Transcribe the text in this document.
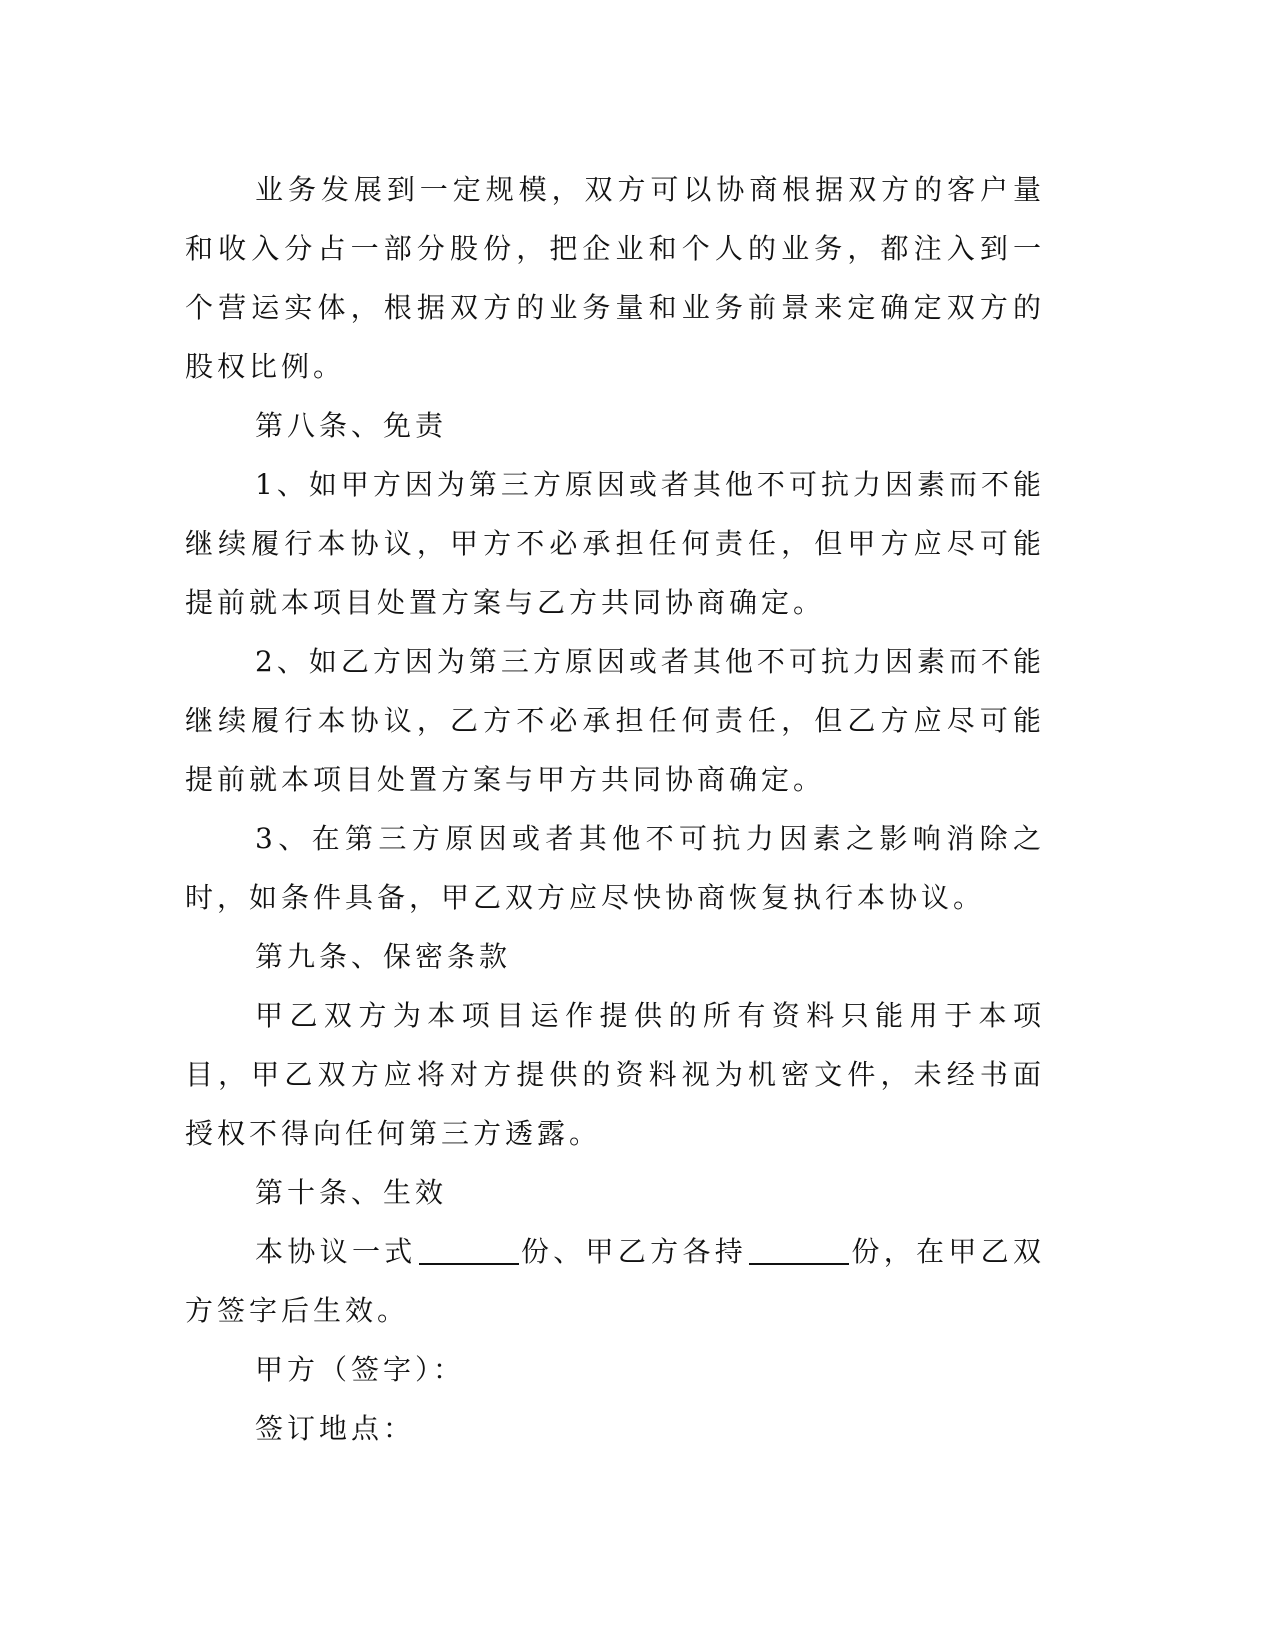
业务发展到一定规模，双方可以协商根据双方的客户量和收入分占一部分股份，把企业和个人的业务，都注入到一个营运实体，根据双方的业务量和业务前景来定确定双方的股权比例。

第八条、免责

1、如甲方因为第三方原因或者其他不可抗力因素而不能继续履行本协议，甲方不必承担任何责任，但甲方应尽可能提前就本项目处置方案与乙方共同协商确定。

2、如乙方因为第三方原因或者其他不可抗力因素而不能继续履行本协议，乙方不必承担任何责任，但乙方应尽可能提前就本项目处置方案与甲方共同协商确定。

3、在第三方原因或者其他不可抗力因素之影响消除之时，如条件具备，甲乙双方应尽快协商恢复执行本协议。

第九条、保密条款

甲乙双方为本项目运作提供的所有资料只能用于本项目，甲乙双方应将对方提供的资料视为机密文件，未经书面授权不得向任何第三方透露。

第十条、生效

本协议一式	份、甲乙方各持	份，在甲乙双方签字后生效。

甲方（签字）：

签订地点：
